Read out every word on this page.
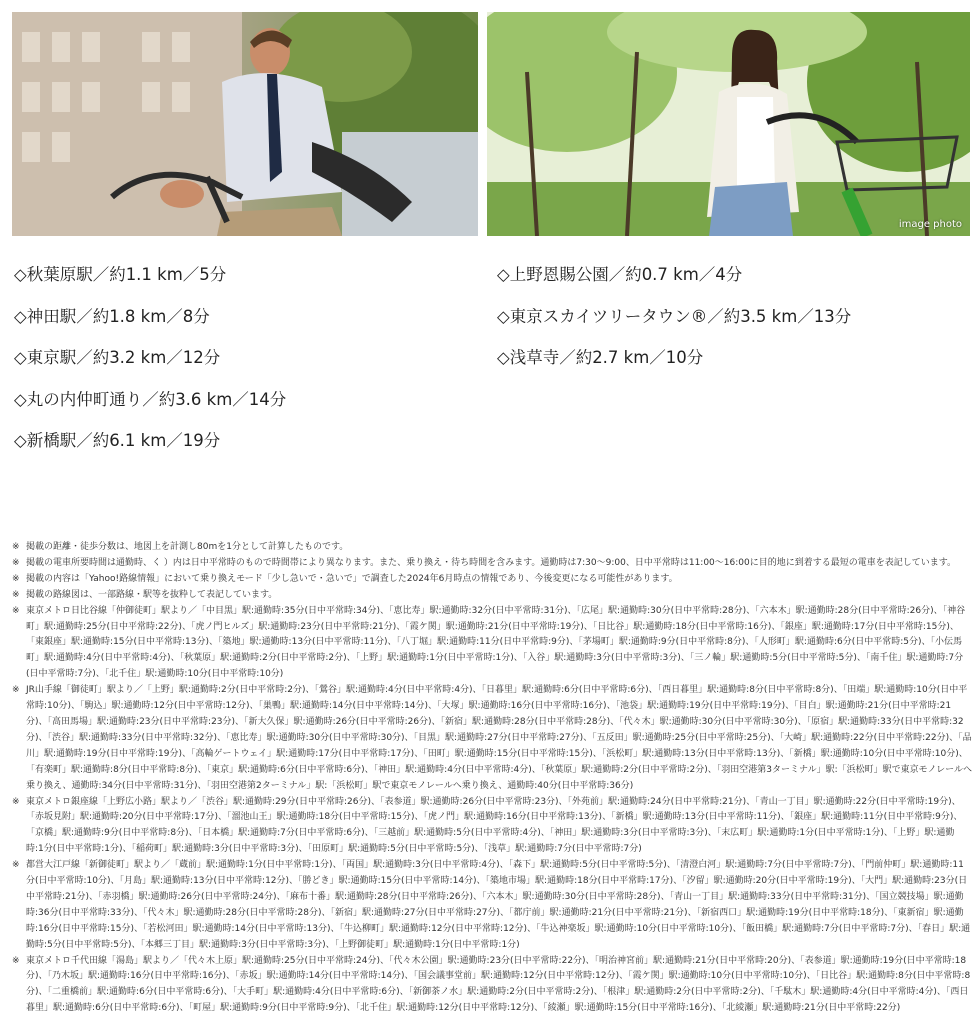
image photo
◇秋葉原駅／約1.1 km／5分
◇神田駅／約1.8 km／8分
◇東京駅／約3.2 km／12分
◇丸の内仲町通り／約3.6 km／14分
◇新橋駅／約6.1 km／19分
◇上野恩賜公園／約0.7 km／4分
◇東京スカイツリータウン®／約3.5 km／13分
◇浅草寺／約2.7 km／10分
※ 掲載の距離・徒歩分数は、地図上を計測し80mを1分として計算したものです。
※ 掲載の電車所要時間は通勤時、く ）内は日中平常時のもので時間帯により異なります。また、乗り換え・待ち時間を含みます。通勤時は7:30〜9:00、日中平常時は11:00〜16:00に目的地に到着する最短の電車を表記しています。
※ 掲載の内容は「Yahoo!路線情報」において乗り換えモード「少し急いで・急いで」で調査した2024年6月時点の情報であり、今後変更になる可能性があります。
※ 掲載の路線図は、一部路線・駅等を抜粋して表記しています。
※ 東京メトロ日比谷線「仲御徒町」駅より／「中目黒」駅:通勤時:35分(日中平常時:34分)、「恵比寿」駅:通勤時:32分(日中平常時:31分)、「広尾」駅:通勤時:30分(日中平常時:28分)、「六本木」駅:通勤時:28分(日中平常時:26分)、「神谷町」駅:通勤時:25分(日中平常時:22分)、「虎ノ門ヒルズ」駅:通勤時:23分(日中平常時:21分)、「霞ケ関」駅:通勤時:21分(日中平常時:19分)、「日比谷」駅:通勤時:18分(日中平常時:16分)、「銀座」駅:通勤時:17分(日中平常時:15分)、「東銀座」駅:通勤時:15分(日中平常時:13分)、「築地」駅:通勤時:13分(日中平常時:11分)、「八丁堀」駅:通勤時:11分(日中平常時:9分)、「茅場町」駅:通勤時:9分(日中平常時:8分)、「人形町」駅:通勤時:6分(日中平常時:5分)、「小伝馬町」駅:通勤時:4分(日中平常時:4分)、「秋葉原」駅:通勤時:2分(日中平常時:2分)、「上野」駅:通勤時:1分(日中平常時:1分)、「入谷」駅:通勤時:3分(日中平常時:3分)、「三ノ輪」駅:通勤時:5分(日中平常時:5分)、「南千住」駅:通勤時:7分(日中平常時:7分)、「北千住」駅:通勤時:10分(日中平常時:10分)
※ JR山手線「御徒町」駅より／「上野」駅:通勤時:2分(日中平常時:2分)、「鶯谷」駅:通勤時:4分(日中平常時:4分)、「日暮里」駅:通勤時:6分(日中平常時:6分)、「西日暮里」駅:通勤時:8分(日中平常時:8分)、「田端」駅:通勤時:10分(日中平常時:10分)、「駒込」駅:通勤時:12分(日中平常時:12分)、「巣鴨」駅:通勤時:14分(日中平常時:14分)、「大塚」駅:通勤時:16分(日中平常時:16分)、「池袋」駅:通勤時:19分(日中平常時:19分)、「目白」駅:通勤時:21分(日中平常時:21分)、「高田馬場」駅:通勤時:23分(日中平常時:23分)、「新大久保」駅:通勤時:26分(日中平常時:26分)、「新宿」駅:通勤時:28分(日中平常時:28分)、「代々木」駅:通勤時:30分(日中平常時:30分)、「原宿」駅:通勤時:33分(日中平常時:32分)、「渋谷」駅:通勤時:33分(日中平常時:32分)、「恵比寿」駅:通勤時:30分(日中平常時:30分)、「目黒」駅:通勤時:27分(日中平常時:27分)、「五反田」駅:通勤時:25分(日中平常時:25分)、「大崎」駅:通勤時:22分(日中平常時:22分)、「品川」駅:通勤時:19分(日中平常時:19分)、「高輪ゲートウェイ」駅:通勤時:17分(日中平常時:17分)、「田町」駅:通勤時:15分(日中平常時:15分)、「浜松町」駅:通勤時:13分(日中平常時:13分)、「新橋」駅:通勤時:10分(日中平常時:10分)、「有楽町」駅:通勤時:8分(日中平常時:8分)、「東京」駅:通勤時:6分(日中平常時:6分)、「神田」駅:通勤時:4分(日中平常時:4分)、「秋葉原」駅:通勤時:2分(日中平常時:2分)、「羽田空港第3ターミナル」駅:「浜松町」駅で東京モノレールへ乗り換え、通勤時:34分(日中平常時:31分)、「羽田空港第2ターミナル」駅:「浜松町」駅で東京モノレールへ乗り換え、通勤時:40分(日中平常時:36分)
※ 東京メトロ銀座線「上野広小路」駅より／「渋谷」駅:通勤時:29分(日中平常時:26分)、「表参道」駅:通勤時:26分(日中平常時:23分)、「外苑前」駅:通勤時:24分(日中平常時:21分)、「青山一丁目」駅:通勤時:22分(日中平常時:19分)、「赤坂見附」駅:通勤時:20分(日中平常時:17分)、「溜池山王」駅:通勤時:18分(日中平常時:15分)、「虎ノ門」駅:通勤時:16分(日中平常時:13分)、「新橋」駅:通勤時:13分(日中平常時:11分)、「銀座」駅:通勤時:11分(日中平常時:9分)、「京橋」駅:通勤時:9分(日中平常時:8分)、「日本橋」駅:通勤時:7分(日中平常時:6分)、「三越前」駅:通勤時:5分(日中平常時:4分)、「神田」駅:通勤時:3分(日中平常時:3分)、「末広町」駅:通勤時:1分(日中平常時:1分)、「上野」駅:通勤時:1分(日中平常時:1分)、「稲荷町」駅:通勤時:3分(日中平常時:3分)、「田原町」駅:通勤時:5分(日中平常時:5分)、「浅草」駅:通勤時:7分(日中平常時:7分)
※ 都営大江戸線「新御徒町」駅より／「蔵前」駅:通勤時:1分(日中平常時:1分)、「両国」駅:通勤時:3分(日中平常時:4分)、「森下」駅:通勤時:5分(日中平常時:5分)、「清澄白河」駅:通勤時:7分(日中平常時:7分)、「門前仲町」駅:通勤時:11分(日中平常時:10分)、「月島」駅:通勤時:13分(日中平常時:12分)、「勝どき」駅:通勤時:15分(日中平常時:14分)、「築地市場」駅:通勤時:18分(日中平常時:17分)、「汐留」駅:通勤時:20分(日中平常時:19分)、「大門」駅:通勤時:23分(日中平常時:21分)、「赤羽橋」駅:通勤時:26分(日中平常時:24分)、「麻布十番」駅:通勤時:28分(日中平常時:26分)、「六本木」駅:通勤時:30分(日中平常時:28分)、「青山一丁目」駅:通勤時:33分(日中平常時:31分)、「国立競技場」駅:通勤時:36分(日中平常時:33分)、「代々木」駅:通勤時:28分(日中平常時:28分)、「新宿」駅:通勤時:27分(日中平常時:27分)、「都庁前」駅:通勤時:21分(日中平常時:21分)、「新宿西口」駅:通勤時:19分(日中平常時:18分)、「東新宿」駅:通勤時:16分(日中平常時:15分)、「若松河田」駅:通勤時:14分(日中平常時:13分)、「牛込柳町」駅:通勤時:12分(日中平常時:12分)、「牛込神楽坂」駅:通勤時:10分(日中平常時:10分)、「飯田橋」駅:通勤時:7分(日中平常時:7分)、「春日」駅:通勤時:5分(日中平常時:5分)、「本郷三丁目」駅:通勤時:3分(日中平常時:3分)、「上野御徒町」駅:通勤時:1分(日中平常時:1分)
※ 東京メトロ千代田線「湯島」駅より／「代々木上原」駅:通勤時:25分(日中平常時:24分)、「代々木公園」駅:通勤時:23分(日中平常時:22分)、「明治神宮前」駅:通勤時:21分(日中平常時:20分)、「表参道」駅:通勤時:19分(日中平常時:18分)、「乃木坂」駅:通勤時:16分(日中平常時:16分)、「赤坂」駅:通勤時:14分(日中平常時:14分)、「国会議事堂前」駅:通勤時:12分(日中平常時:12分)、「霞ケ関」駅:通勤時:10分(日中平常時:10分)、「日比谷」駅:通勤時:8分(日中平常時:8分)、「二重橋前」駅:通勤時:6分(日中平常時:6分)、「大手町」駅:通勤時:4分(日中平常時:6分)、「新御茶ノ水」駅:通勤時:2分(日中平常時:2分)、「根津」駅:通勤時:2分(日中平常時:2分)、「千駄木」駅:通勤時:4分(日中平常時:4分)、「西日暮里」駅:通勤時:6分(日中平常時:6分)、「町屋」駅:通勤時:9分(日中平常時:9分)、「北千住」駅:通勤時:12分(日中平常時:12分)、「綾瀬」駅:通勤時:15分(日中平常時:16分)、「北綾瀬」駅:通勤時:21分(日中平常時:22分)
